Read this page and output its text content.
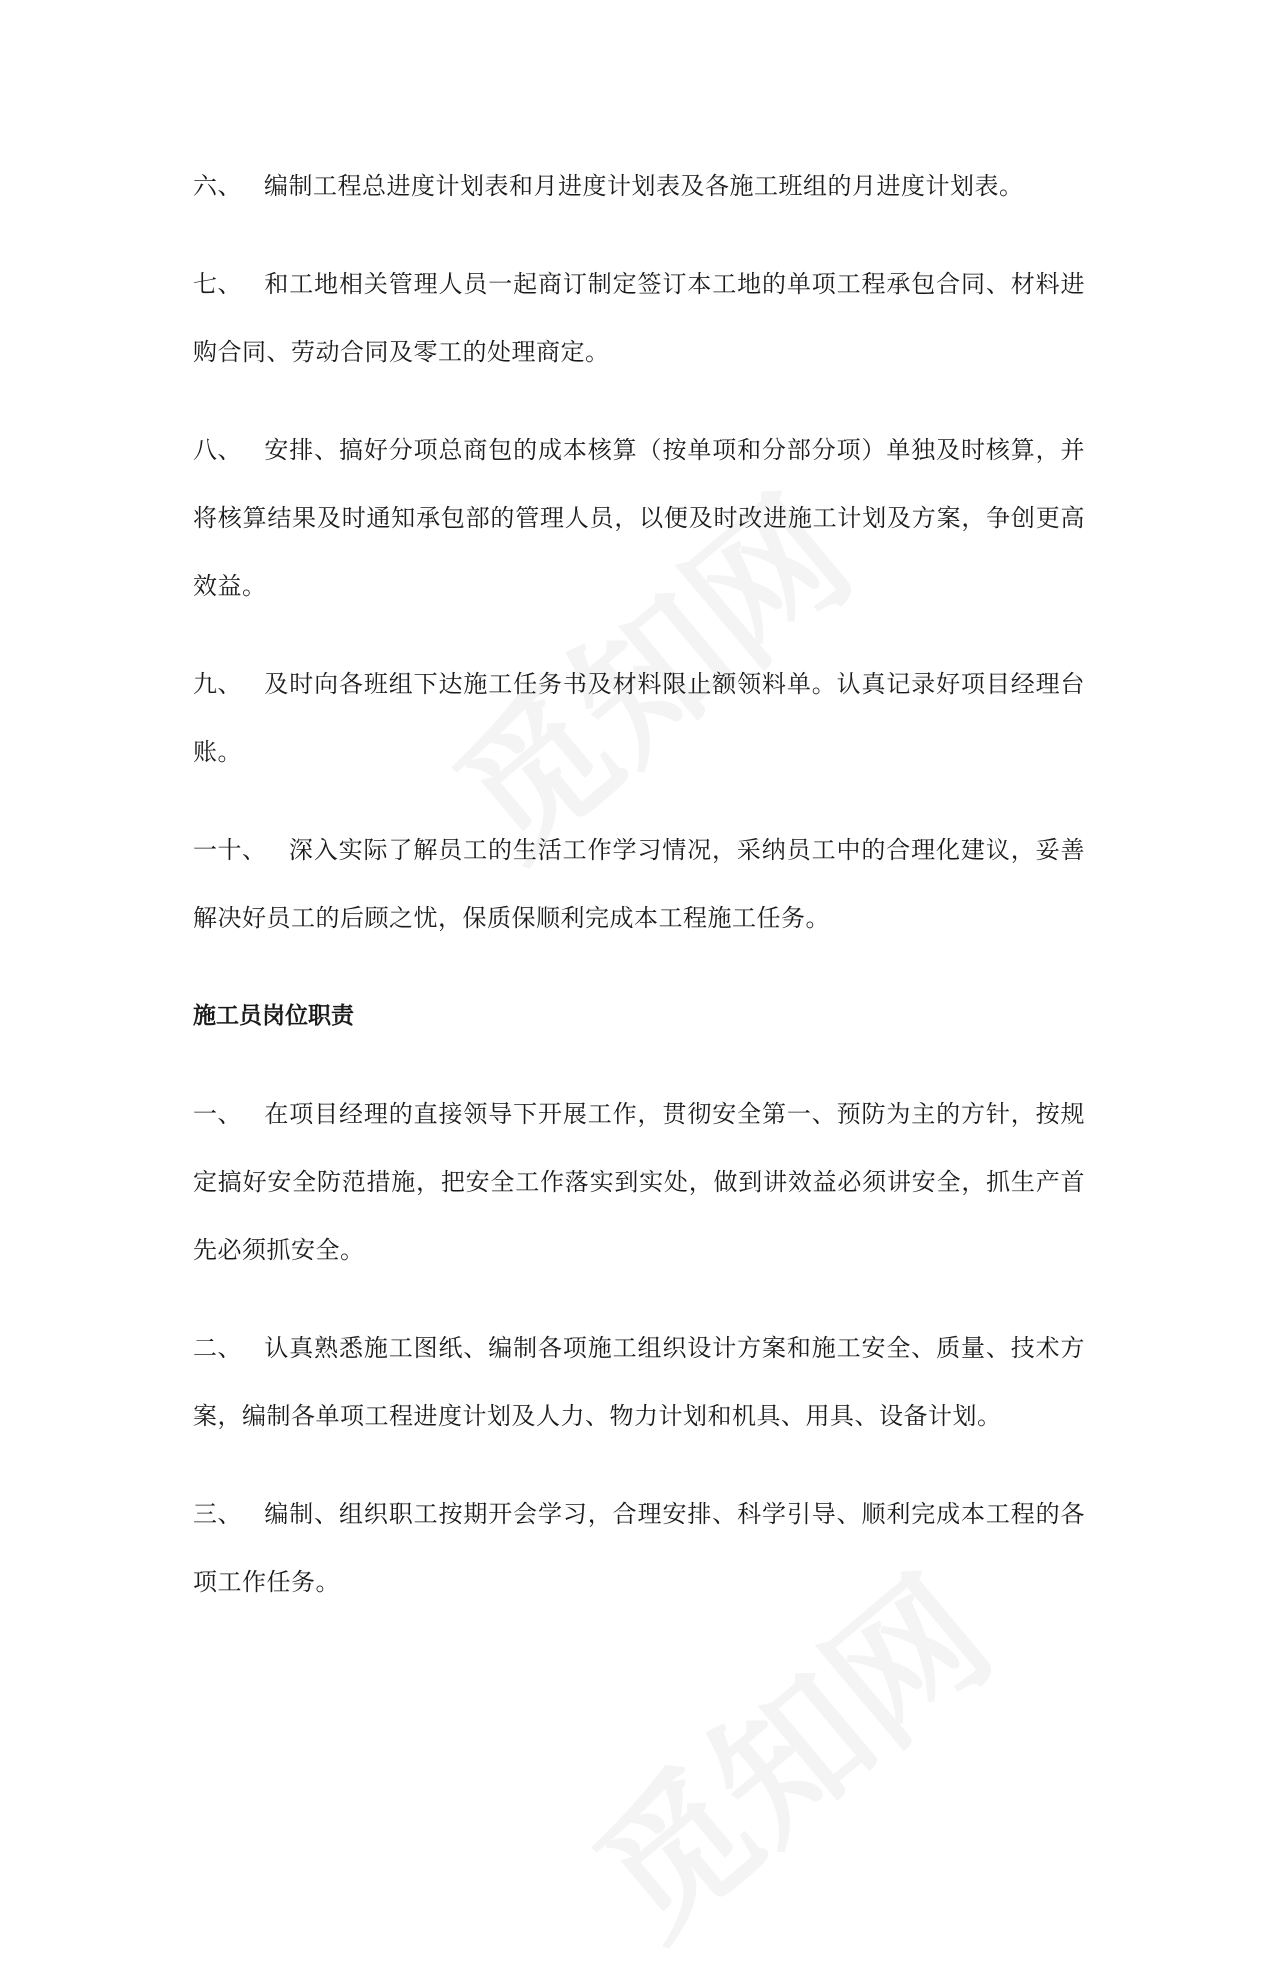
六、 编制工程总进度计划表和月进度计划表及各施工班组的月进度计划表。

七、 和工地相关管理人员一起商订制定签订本工地的单项工程承包合同、材料进购合同、劳动合同及零工的处理商定。

八、 安排、搞好分项总商包的成本核算（按单项和分部分项）单独及时核算，并将核算结果及时通知承包部的管理人员，以便及时改进施工计划及方案，争创更高效益。

九、 及时向各班组下达施工任务书及材料限止额领料单。认真记录好项目经理台账。

一十、 深入实际了解员工的生活工作学习情况，采纳员工中的合理化建议，妥善解决好员工的后顾之忧，保质保顺利完成本工程施工任务。

施工员岗位职责

一、 在项目经理的直接领导下开展工作，贯彻安全第一、预防为主的方针，按规定搞好安全防范措施，把安全工作落实到实处，做到讲效益必须讲安全，抓生产首先必须抓安全。

二、 认真熟悉施工图纸、编制各项施工组织设计方案和施工安全、质量、技术方案，编制各单项工程进度计划及人力、物力计划和机具、用具、设备计划。

三、 编制、组织职工按期开会学习，合理安排、科学引导、顺利完成本工程的各项工作任务。
